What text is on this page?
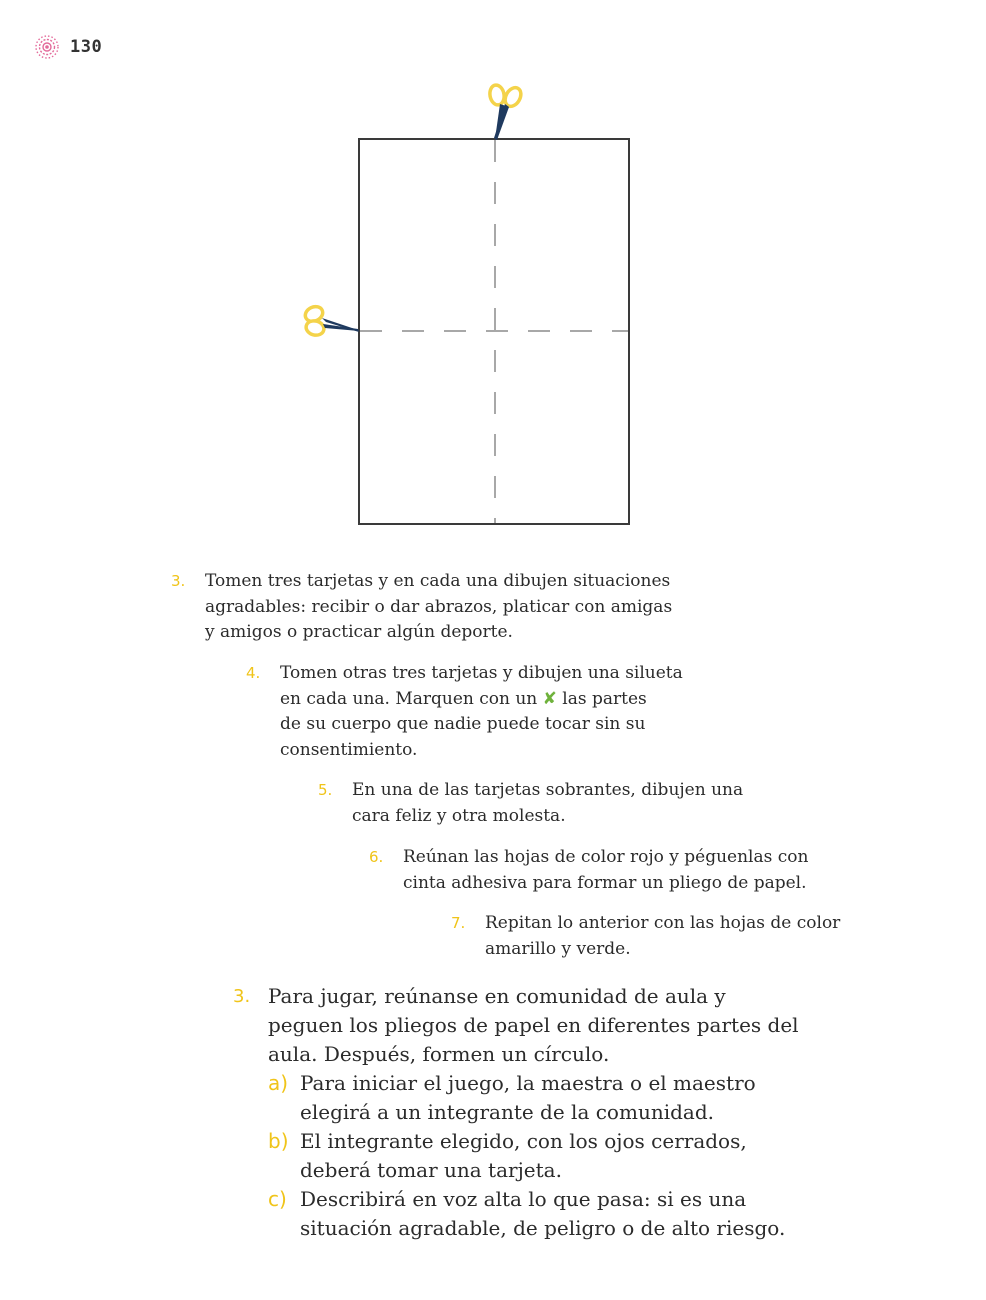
130
3.	Tomen tres tarjetas y en cada una dibujen situaciones
agradables: recibir o dar abrazos, platicar con amigas
y amigos o practicar algún deporte.
4.	Tomen otras tres tarjetas y dibujen una silueta
en cada una. Marquen con un ✘ las partes
de su cuerpo que nadie puede tocar sin su
consentimiento.
5.	En una de las tarjetas sobrantes, dibujen una
cara feliz y otra molesta.
6.	Reúnan las hojas de color rojo y péguenlas con
cinta adhesiva para formar un pliego de papel.
7.	Repitan lo anterior con las hojas de color
amarillo y verde.
3. Para jugar, reúnanse en comunidad de aula y
peguen los pliegos de papel en diferentes partes del
aula. Después, formen un círculo.
a) Para iniciar el juego, la maestra o el maestro
elegirá a un integrante de la comunidad.
b) El integrante elegido, con los ojos cerrados,
deberá tomar una tarjeta.
c) Describirá en voz alta lo que pasa: si es una
situación agradable, de peligro o de alto riesgo.
